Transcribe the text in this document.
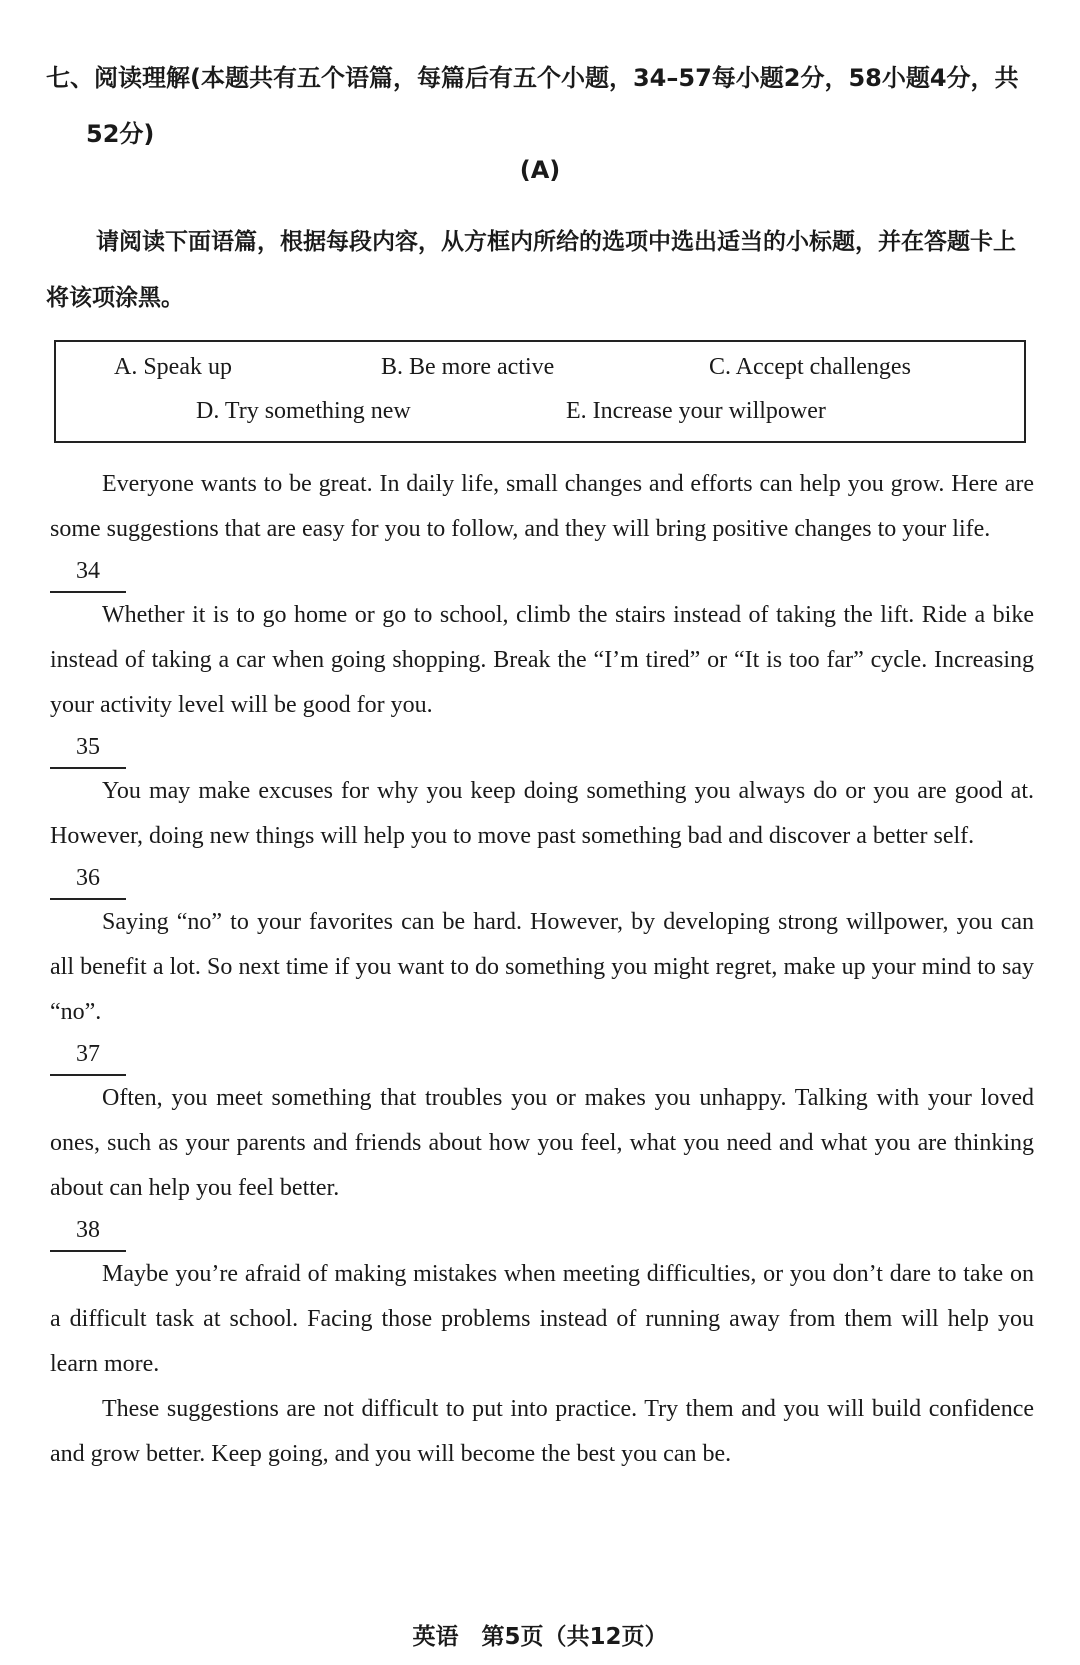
七、阅读理解(本题共有五个语篇，每篇后有五个小题，34–57每小题2分，58小题4分，共
52分)
(A)

请阅读下面语篇，根据每段内容，从方框内所给的选项中选出适当的小标题，并在答题卡上将该项涂黑。

A. Speak up	B. Be more active	C. Accept challenges
D. Try something new	E. Increase your willpower

Everyone wants to be great. In daily life, small changes and efforts can help you grow. Here are some suggestions that are easy for you to follow, and they will bring positive changes to your life.

34

Whether it is to go home or go to school, climb the stairs instead of taking the lift. Ride a bike instead of taking a car when going shopping. Break the “I’m tired” or “It is too far” cycle. Increasing your activity level will be good for you.

35

You may make excuses for why you keep doing something you always do or you are good at. However, doing new things will help you to move past something bad and discover a better self.

36

Saying “no” to your favorites can be hard. However, by developing strong willpower, you can all benefit a lot. So next time if you want to do something you might regret, make up your mind to say “no”.

37

Often, you meet something that troubles you or makes you unhappy. Talking with your loved ones, such as your parents and friends about how you feel, what you need and what you are thinking about can help you feel better.

38

Maybe you’re afraid of making mistakes when meeting difficulties, or you don’t dare to take on a difficult task at school. Facing those problems instead of running away from them will help you learn more.

These suggestions are not difficult to put into practice. Try them and you will build confidence and grow better. Keep going, and you will become the best you can be.

英语　第5页（共12页）
